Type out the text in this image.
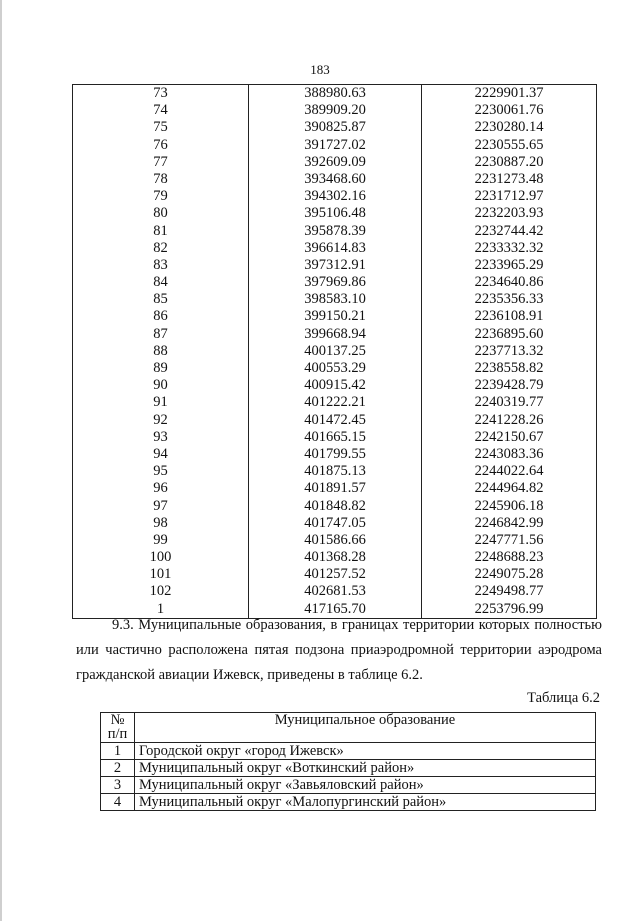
183
73	388980.63	2229901.37
74	389909.20	2230061.76
75	390825.87	2230280.14
76	391727.02	2230555.65
77	392609.09	2230887.20
78	393468.60	2231273.48
79	394302.16	2231712.97
80	395106.48	2232203.93
81	395878.39	2232744.42
82	396614.83	2233332.32
83	397312.91	2233965.29
84	397969.86	2234640.86
85	398583.10	2235356.33
86	399150.21	2236108.91
87	399668.94	2236895.60
88	400137.25	2237713.32
89	400553.29	2238558.82
90	400915.42	2239428.79
91	401222.21	2240319.77
92	401472.45	2241228.26
93	401665.15	2242150.67
94	401799.55	2243083.36
95	401875.13	2244022.64
96	401891.57	2244964.82
97	401848.82	2245906.18
98	401747.05	2246842.99
99	401586.66	2247771.56
100	401368.28	2248688.23
101	401257.52	2249075.28
102	402681.53	2249498.77
1	417165.70	2253796.99
9.3. Муниципальные образования, в границах территории которых полностью
или частично расположена пятая подзона приаэродромной территории аэродрома
гражданской авиации Ижевск, приведены в таблице 6.2.
Таблица 6.2
№
п/п	Муниципальное образование
1	Городской округ «город Ижевск»
2	Муниципальный округ «Воткинский район»
3	Муниципальный округ «Завьяловский район»
4	Муниципальный округ «Малопургинский район»
